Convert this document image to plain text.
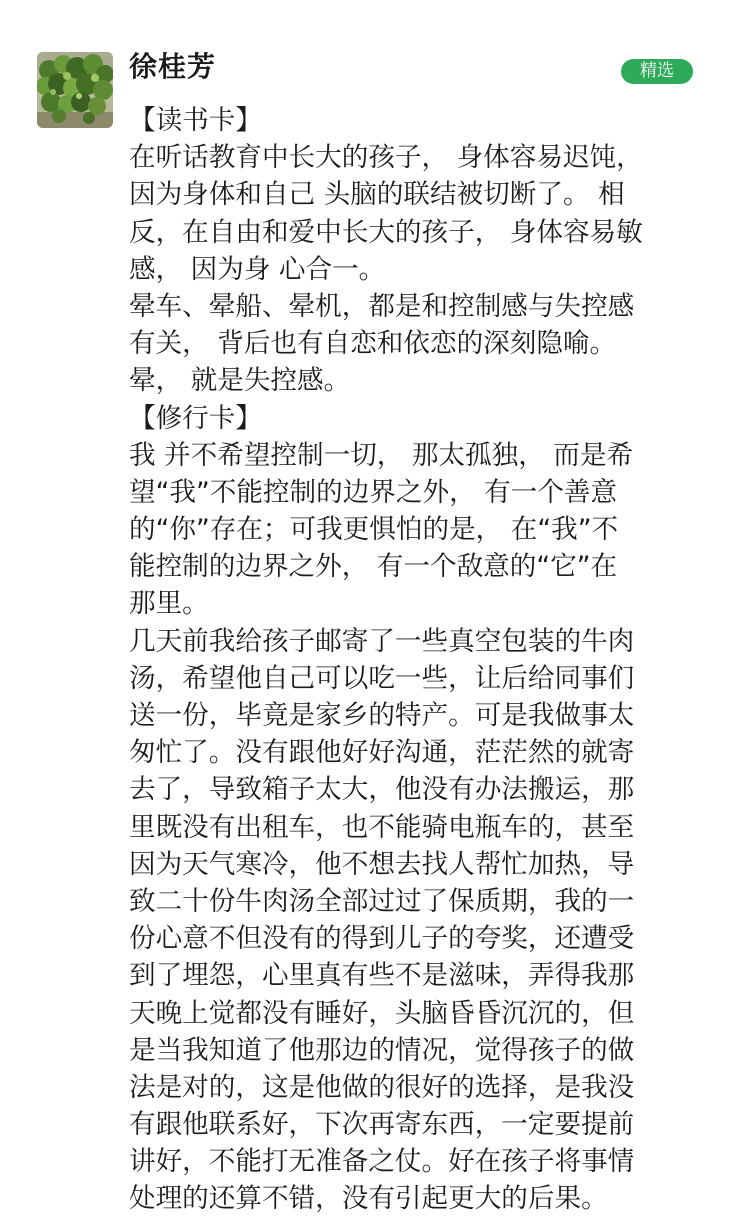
徐桂芳	精选
【读书卡】
在听话教育中长大的孩子， 身体容易迟饨，
因为身体和自己 头脑的联结被切断了。 相
反，在自由和爱中长大的孩子， 身体容易敏
感， 因为身 心合一。
晕车、晕船、晕机，都是和控制感与失控感
有关， 背后也有自恋和依恋的深刻隐喻。
晕， 就是失控感。
【修行卡】
我 并不希望控制一切， 那太孤独， 而是希
望“我”不能控制的边界之外， 有一个善意
的“你”存在；可我更惧怕的是， 在“我”不
能控制的边界之外， 有一个敌意的“它”在
那里。
几天前我给孩子邮寄了一些真空包装的牛肉
汤，希望他自己可以吃一些，让后给同事们
送一份，毕竟是家乡的特产。可是我做事太
匆忙了。没有跟他好好沟通，茫茫然的就寄
去了，导致箱子太大，他没有办法搬运，那
里既没有出租车，也不能骑电瓶车的，甚至
因为天气寒冷，他不想去找人帮忙加热，导
致二十份牛肉汤全部过过了保质期，我的一
份心意不但没有的得到儿子的夸奖，还遭受
到了埋怨，心里真有些不是滋味，弄得我那
天晚上觉都没有睡好，头脑昏昏沉沉的，但
是当我知道了他那边的情况，觉得孩子的做
法是对的，这是他做的很好的选择，是我没
有跟他联系好，下次再寄东西，一定要提前
讲好，不能打无准备之仗。好在孩子将事情
处理的还算不错，没有引起更大的后果。
